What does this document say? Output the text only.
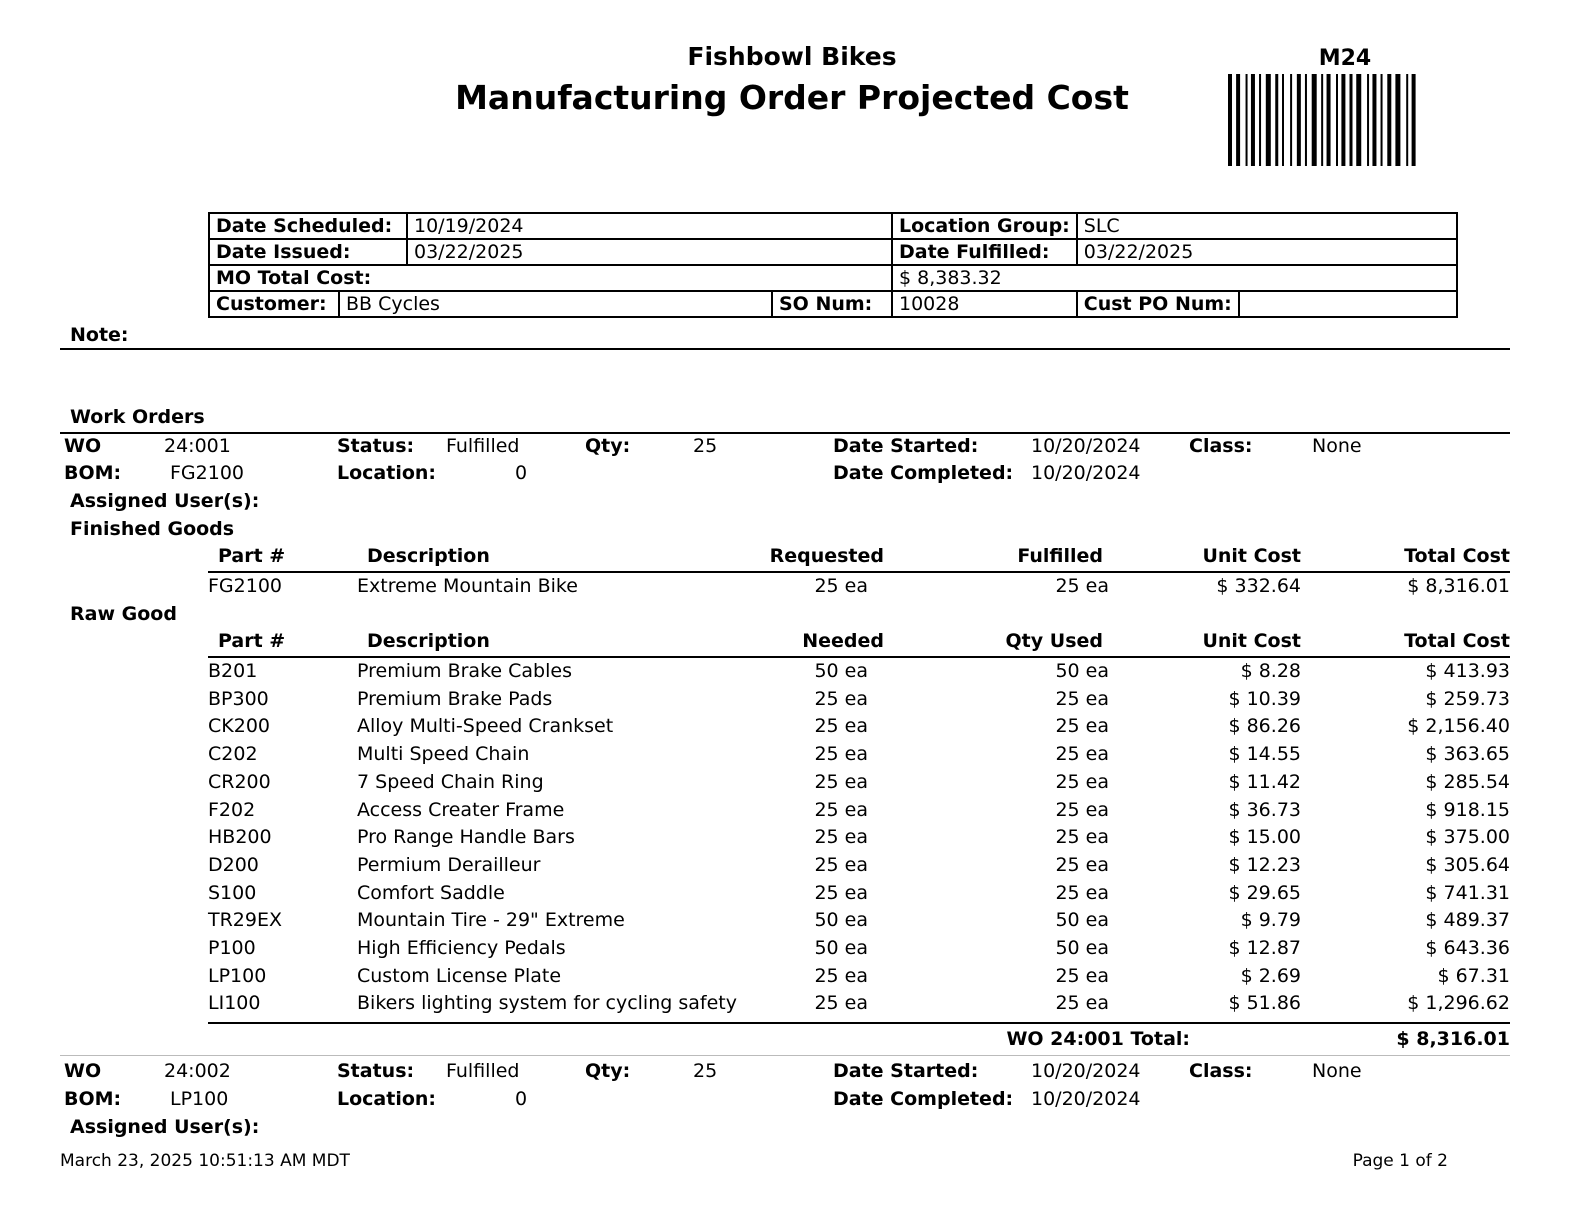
Fishbowl Bikes
Manufacturing Order Projected Cost
M24
Date Scheduled:		10/19/2024		Location Group:	SLC	
Date Issued:		03/22/2025		Date Fulfilled:	03/22/2025	
MO Total Cost:				$ 8,383.32		
Customer:	BB Cycles		SO Num:	10028	Cust PO Num:	
Note:
Work Orders
WO	24:001	Status: Fulfilled	Qty:	25	Date Started:	10/20/2024	Class:	None
BOM:	FG2100	Location:	0	Date Completed: 10/20/2024
Assigned User(s):
Finished Goods
Part #	Description	Requested	Fulfilled	Unit Cost	Total Cost
FG2100	Extreme Mountain Bike	25 ea	25 ea	$ 332.64	$ 8,316.01
Raw Good
Part #	Description	Needed	Qty Used	Unit Cost	Total Cost
B201	Premium Brake Cables	50 ea	50 ea	$ 8.28	$ 413.93
BP300	Premium Brake Pads	25 ea	25 ea	$ 10.39	$ 259.73
CK200	Alloy Multi-Speed Crankset	25 ea	25 ea	$ 86.26	$ 2,156.40
C202	Multi Speed Chain	25 ea	25 ea	$ 14.55	$ 363.65
CR200	7 Speed Chain Ring	25 ea	25 ea	$ 11.42	$ 285.54
F202	Access Creater Frame	25 ea	25 ea	$ 36.73	$ 918.15
HB200	Pro Range Handle Bars	25 ea	25 ea	$ 15.00	$ 375.00
D200	Permium Derailleur	25 ea	25 ea	$ 12.23	$ 305.64
S100	Comfort Saddle	25 ea	25 ea	$ 29.65	$ 741.31
TR29EX	Mountain Tire - 29" Extreme	50 ea	50 ea	$ 9.79	$ 489.37
P100	High Efficiency Pedals	50 ea	50 ea	$ 12.87	$ 643.36
LP100	Custom License Plate	25 ea	25 ea	$ 2.69	$ 67.31
LI100	Bikers lighting system for cycling safety	25 ea	25 ea	$ 51.86	$ 1,296.62
WO 24:001 Total:	$ 8,316.01
WO	24:002	Status: Fulfilled	Qty:	25	Date Started:	10/20/2024	Class:	None
BOM:	LP100	Location:	0	Date Completed: 10/20/2024
Assigned User(s):
March 23, 2025 10:51:13 AM MDT	Page 1 of 2
